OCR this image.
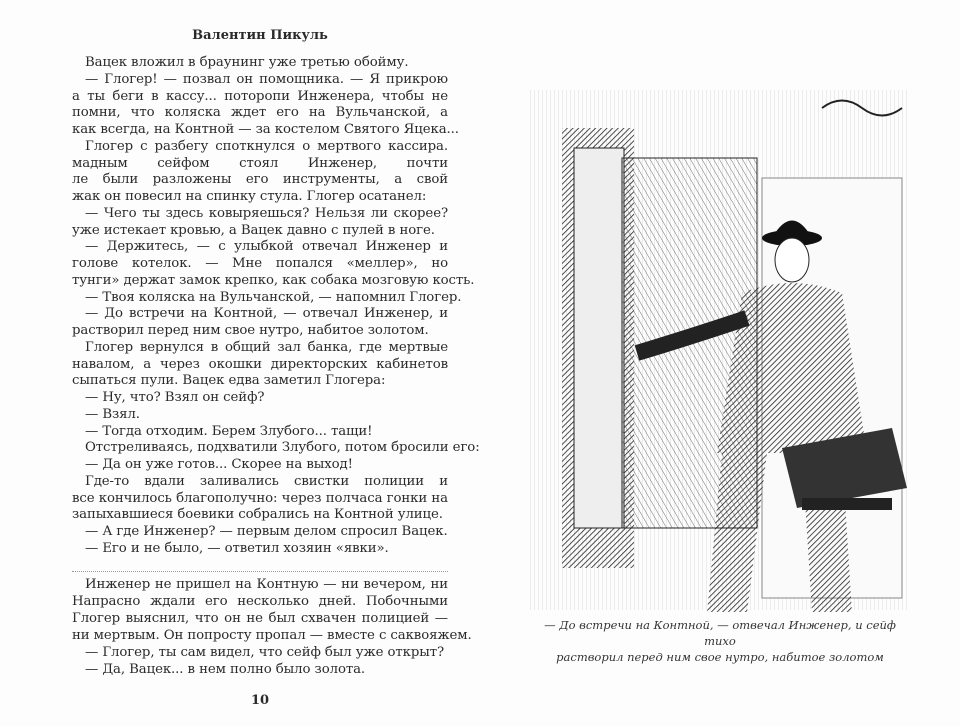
Валентин Пикуль
Вацек вложил в браунинг уже третью обойму.
— Глогер! — позвал он помощника. — Я прикрою
а ты беги в кассу... поторопи Инженера, чтобы не
помни, что коляска ждет его на Вульчанской, а
как всегда, на Контной — за костелом Святого Яцека...
Глогер с разбегу споткнулся о мертвого кассира.
мадным сейфом стоял Инженер, почти
ле были разложены его инструменты, а свой
жак он повесил на спинку стула. Глогер осатанел:
— Чего ты здесь ковыряешься? Нельзя ли скорее?
уже истекает кровью, а Вацек давно с пулей в ноге.
— Держитесь, — с улыбкой отвечал Инженер и
голове котелок. — Мне попался «меллер», но
тунги» держат замок крепко, как собака мозговую кость.
— Твоя коляска на Вульчанской, — напомнил Глогер.
— До встречи на Контной, — отвечал Инженер, и
растворил перед ним свое нутро, набитое золотом.
Глогер вернулся в общий зал банка, где мертвые
навалом, а через окошки директорских кабинетов
сыпаться пули. Вацек едва заметил Глогера:
— Ну, что? Взял он сейф?
— Взял.
— Тогда отходим. Берем Злубого... тащи!
Отстреливаясь, подхватили Злубого, потом бросили его:
— Да он уже готов... Скорее на выход!
Где-то вдали заливались свистки полиции и
все кончилось благополучно: через полчаса гонки на
запыхавшиеся боевики собрались на Контной улице.
— А где Инженер? — первым делом спросил Вацек.
— Его и не было, — ответил хозяин «явки».
Инженер не пришел на Контную — ни вечером, ни
Напрасно ждали его несколько дней. Побочными
Глогер выяснил, что он не был схвачен полицией —
ни мертвым. Он попросту пропал — вместе с саквояжем.
— Глогер, ты сам видел, что сейф был уже открыт?
— Да, Вацек... в нем полно было золота.
10
— До встречи на Контной, — отвечал Инженер, и сейф тихо
растворил перед ним свое нутро, набитое золотом
